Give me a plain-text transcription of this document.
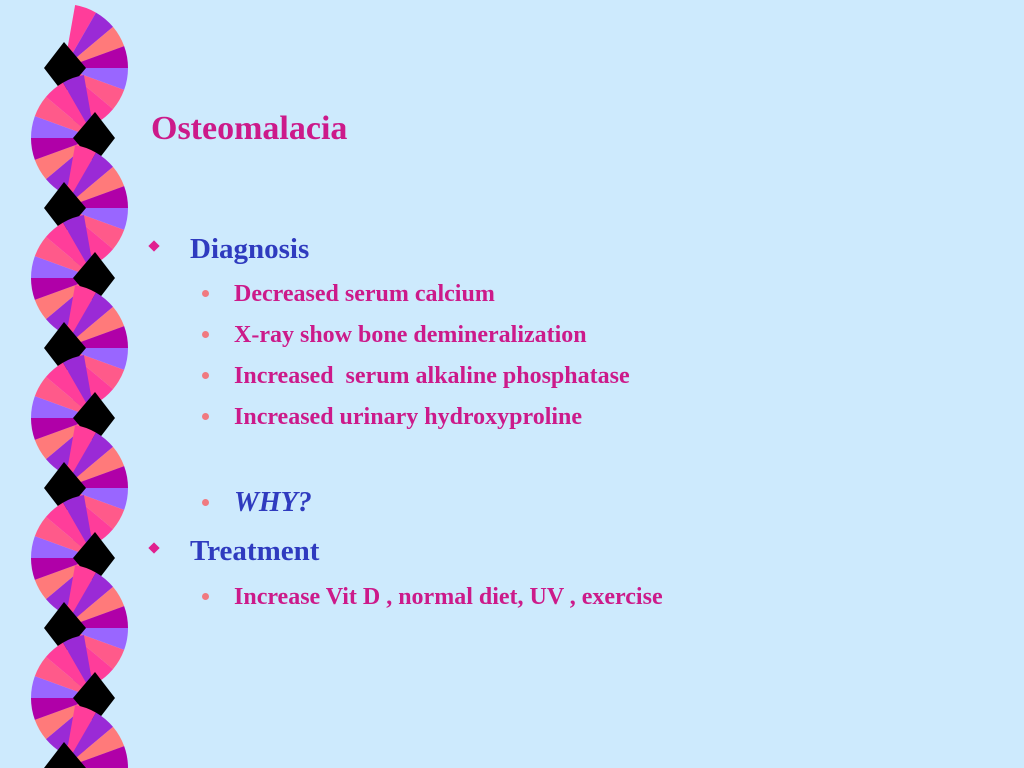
Osteomalacia
Diagnosis
Decreased serum calcium
X-ray show bone demineralization
Increased  serum alkaline phosphatase
Increased urinary hydroxyproline
WHY?
Treatment
Increase Vit D , normal diet, UV , exercise
